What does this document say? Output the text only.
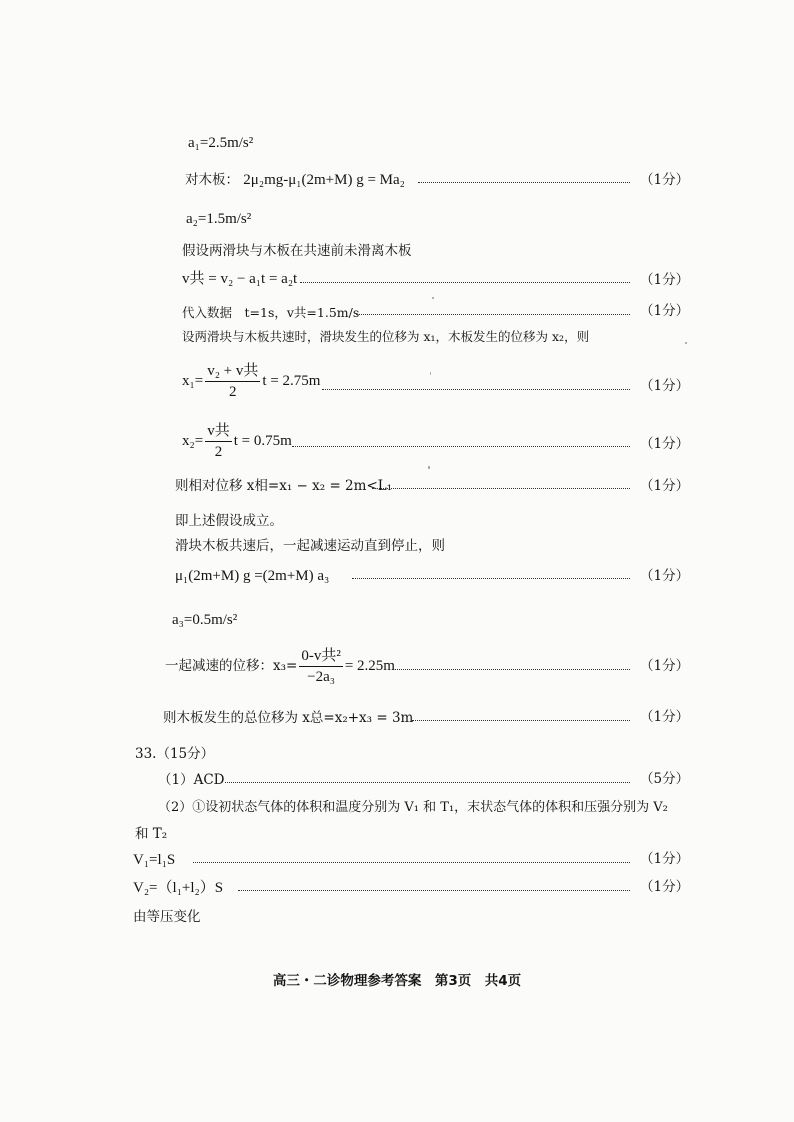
a₁=2.5m/s²
对木板： 2μ₂mg-μ₁(2m+M) g = Ma₂	（1分）
a₂=1.5m/s²
假设两滑块与木板在共速前未滑离木板
v共 = v₂ − a₁t = a₂t	（1分）
代入数据　t=1s，v共=1.5m/s	（1分）
设两滑块与木板共速时，滑块发生的位移为 x₁，木板发生的位移为 x₂，则
$x_1= \frac{\text{v₂ + v共}}{2}$ t = 2.75m	（1分）
$x_2= \frac{\text{v共}}{2}$ t = 0.75m	（1分）
则相对位移 x相=x₁ − x₂ = 2m<L₁	（1分）
即上述假设成立。
滑块木板共速后，一起减速运动直到停止，则
μ₁(2m+M) g =(2m+M) a₃	（1分）
a₃=0.5m/s²
一起减速的位移：$x_3= \frac{\text{0-v共²}}{\text{−2a₃}} = 2.25m$	（1分）
则木板发生的总位移为 x总=x₂+x₃ = 3m	（1分）
33.（15分）
（1）ACD	（5分）
（2）①设初状态气体的体积和温度分别为 V₁ 和 T₁，末状态气体的体积和压强分别为 V₂
和 T₂
V₁=l₁S	（1分）
V₂=（l₁+l₂）S	（1分）
由等压变化
高三・二诊物理参考答案　第3页　共4页
